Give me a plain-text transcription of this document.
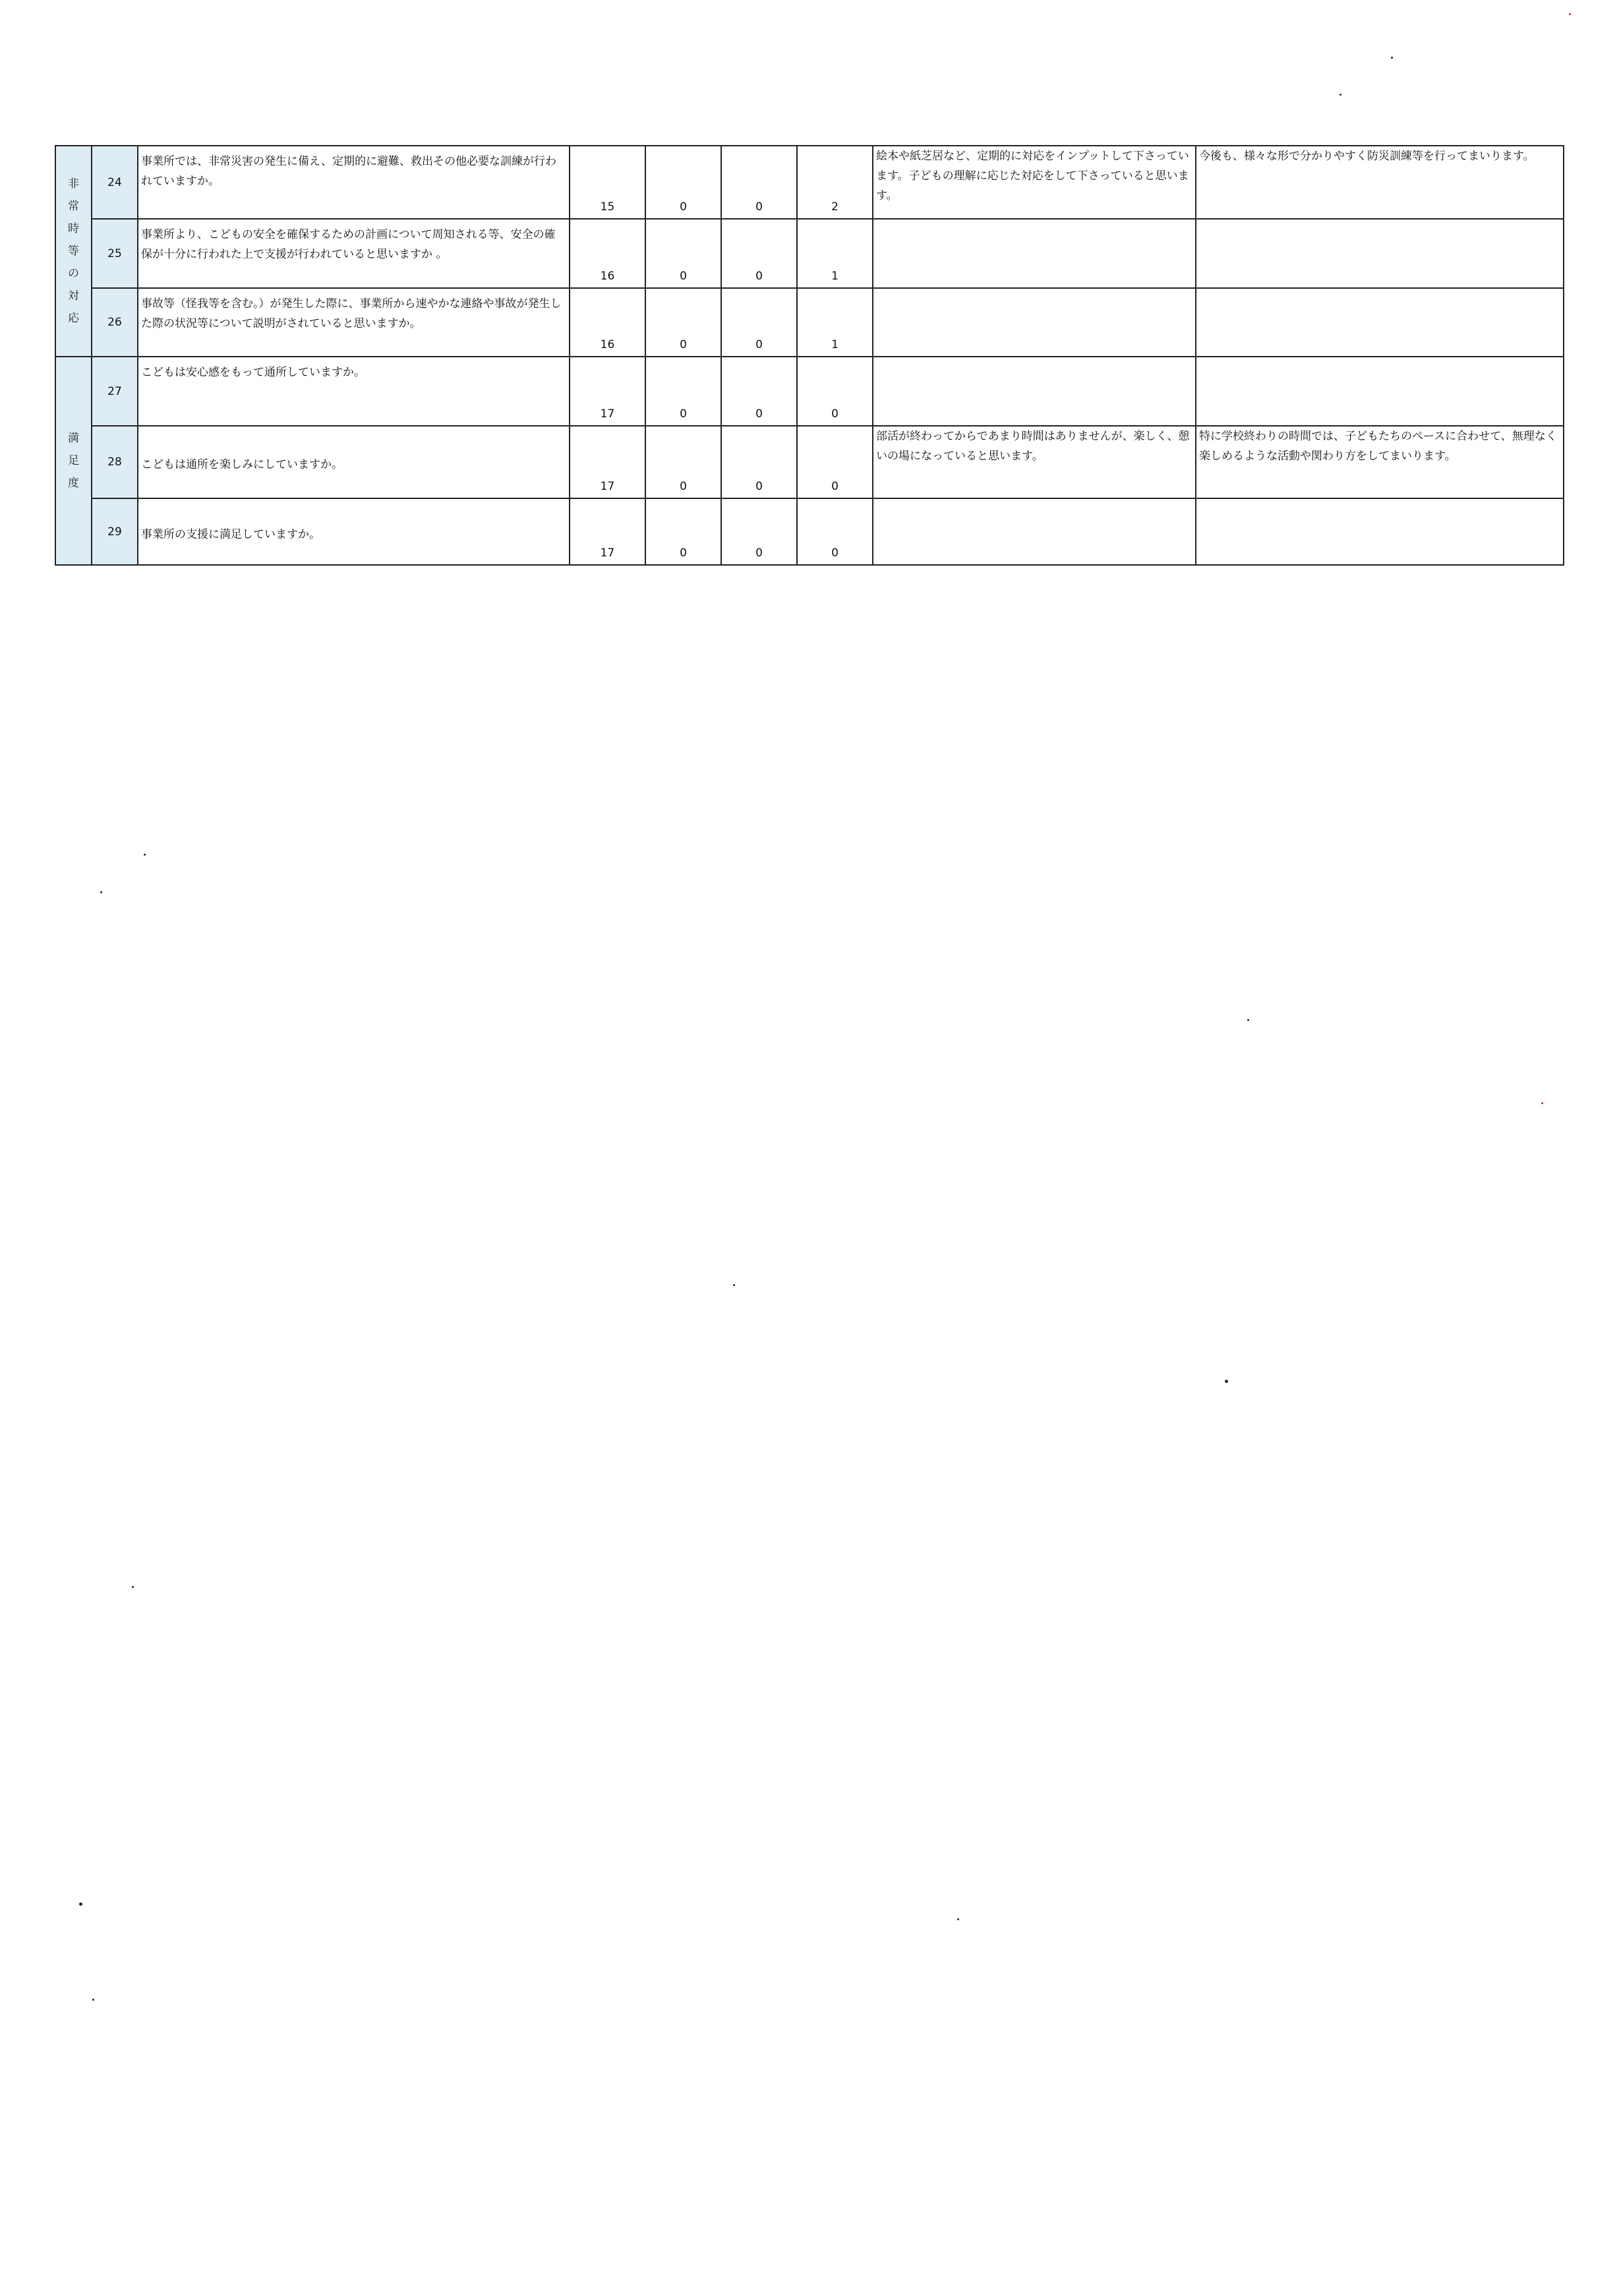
非常時等の対応	24	事業所では、非常災害の発生に備え、定期的に避難、救出その他必要な訓練が行われていますか。	15	0	0	2	絵本や紙芝居など、定期的に対応をインプットして下さっています。子どもの理解に応じた対応をして下さっていると思います。	今後も、様々な形で分かりやすく防災訓練等を行ってまいります。
	25	事業所より、こどもの安全を確保するための計画について周知される等、安全の確保が十分に行われた上で支援が行われていると思いますか 。	16	0	0	1		
	26	事故等（怪我等を含む。）が発生した際に、事業所から速やかな連絡や事故が発生した際の状況等について説明がされていると思いますか。	16	0	0	1		
満足度	27	こどもは安心感をもって通所していますか。	17	0	0	0		
	28	こどもは通所を楽しみにしていますか。	17	0	0	0	部活が終わってからであまり時間はありませんが、楽しく、憩いの場になっていると思います。	特に学校終わりの時間では、子どもたちのペースに合わせて、無理なく楽しめるような活動や関わり方をしてまいります。
	29	事業所の支援に満足していますか。	17	0	0	0		
